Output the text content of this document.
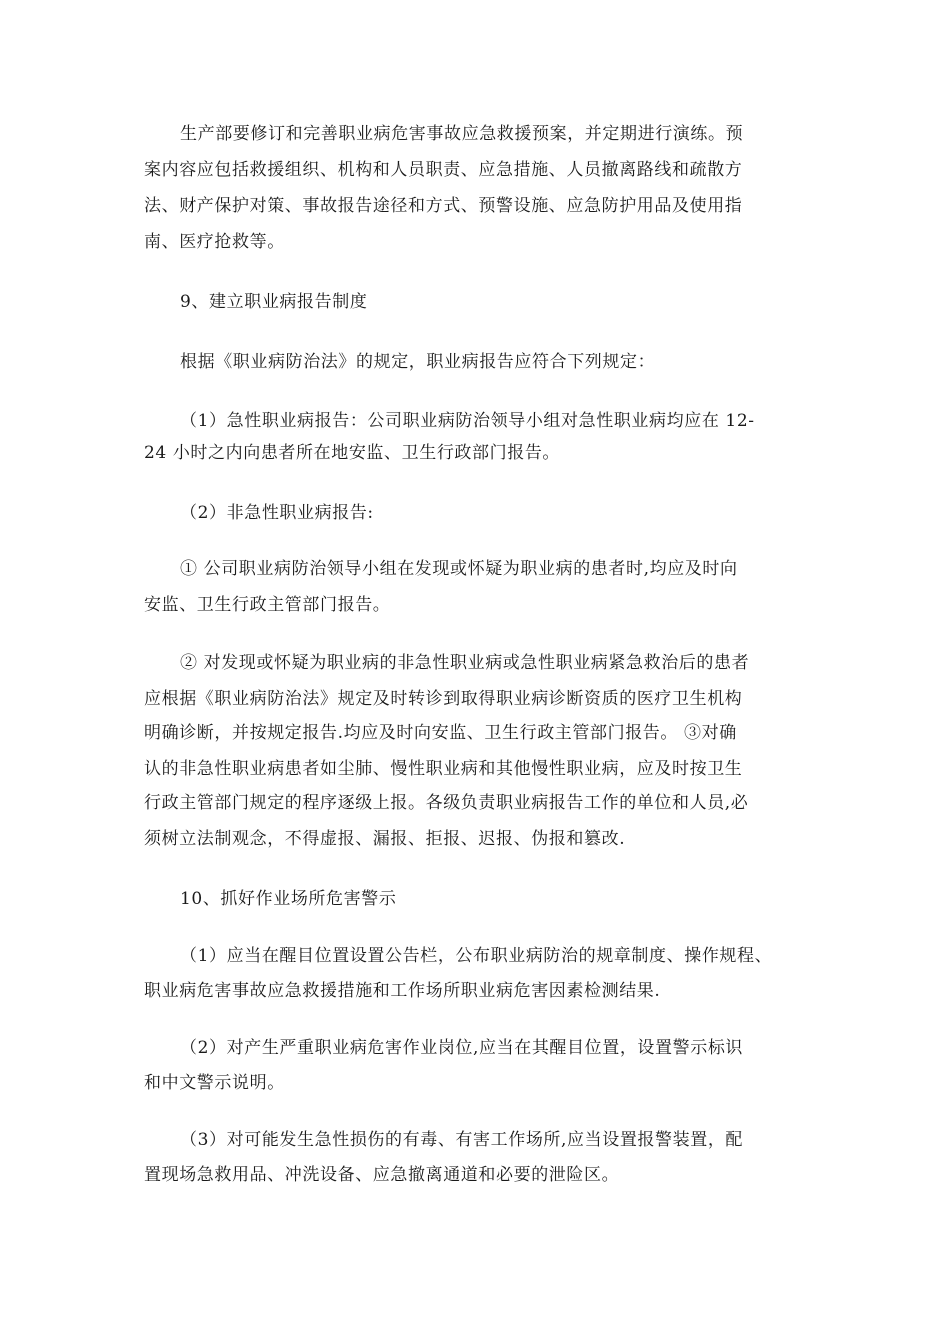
生产部要修订和完善职业病危害事故应急救援预案，并定期进行演练。预
案内容应包括救援组织、机构和人员职责、应急措施、人员撤离路线和疏散方
法、财产保护对策、事故报告途径和方式、预警设施、应急防护用品及使用指
南、医疗抢救等。
9、建立职业病报告制度
根据《职业病防治法》的规定，职业病报告应符合下列规定：
（1）急性职业病报告：公司职业病防治领导小组对急性职业病均应在 12-
24 小时之内向患者所在地安监、卫生行政部门报告。
（2）非急性职业病报告:
① 公司职业病防治领导小组在发现或怀疑为职业病的患者时,均应及时向
安监、卫生行政主管部门报告。
② 对发现或怀疑为职业病的非急性职业病或急性职业病紧急救治后的患者
应根据《职业病防治法》规定及时转诊到取得职业病诊断资质的医疗卫生机构
明确诊断，并按规定报告.均应及时向安监、卫生行政主管部门报告。 ③对确
认的非急性职业病患者如尘肺、慢性职业病和其他慢性职业病，应及时按卫生
行政主管部门规定的程序逐级上报。各级负责职业病报告工作的单位和人员,必
须树立法制观念，不得虚报、漏报、拒报、迟报、伪报和篡改.
10、抓好作业场所危害警示
（1）应当在醒目位置设置公告栏，公布职业病防治的规章制度、操作规程、
职业病危害事故应急救援措施和工作场所职业病危害因素检测结果.
（2）对产生严重职业病危害作业岗位,应当在其醒目位置，设置警示标识
和中文警示说明。
（3）对可能发生急性损伤的有毒、有害工作场所,应当设置报警装置，配
置现场急救用品、冲洗设备、应急撤离通道和必要的泄险区。
